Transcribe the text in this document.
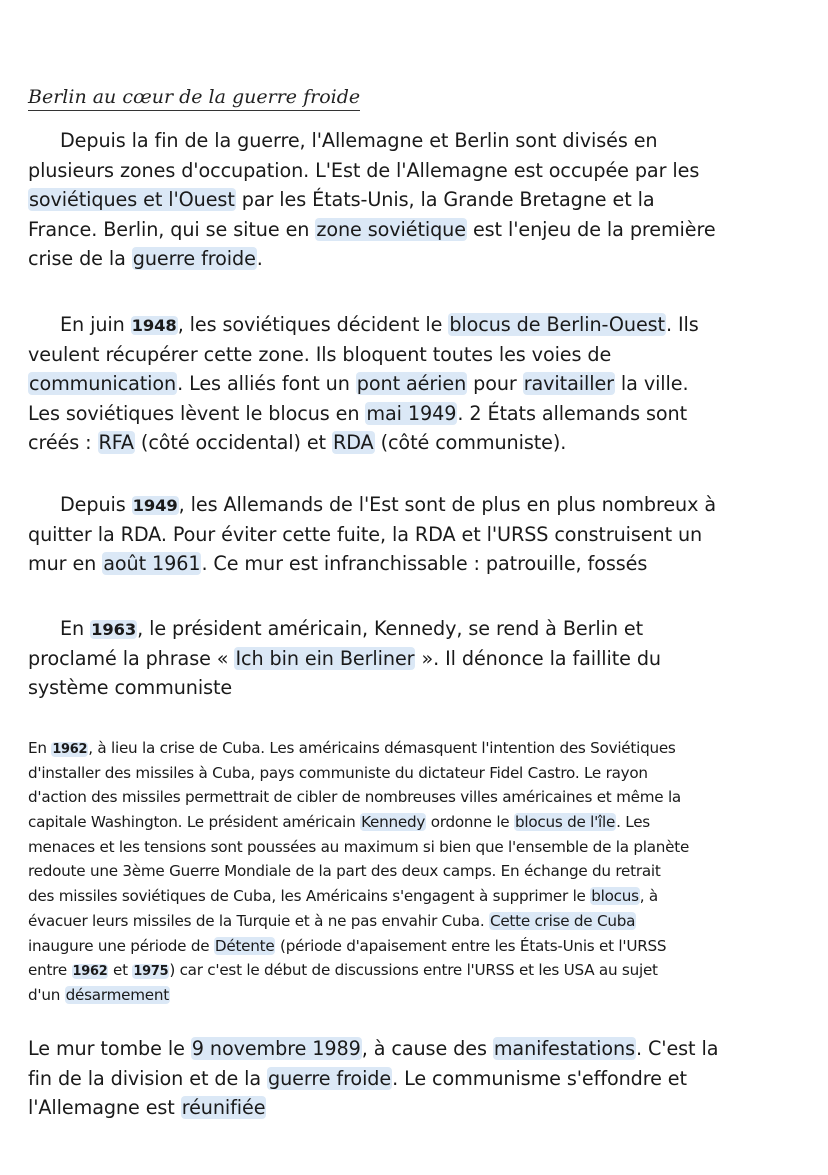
Berlin au cœur de la guerre froide
Depuis la fin de la guerre, l'Allemagne et Berlin sont divisés en
plusieurs zones d'occupation. L'Est de l'Allemagne est occupée par les
soviétiques et l'Ouest par les États-Unis, la Grande Bretagne et la
France. Berlin, qui se situe en zone soviétique est l'enjeu de la première
crise de la guerre froide.
En juin 1948, les soviétiques décident le blocus de Berlin-Ouest. Ils
veulent récupérer cette zone. Ils bloquent toutes les voies de
communication. Les alliés font un pont aérien pour ravitailler la ville.
Les soviétiques lèvent le blocus en mai 1949. 2 États allemands sont
créés : RFA (côté occidental) et RDA (côté communiste).
Depuis 1949, les Allemands de l'Est sont de plus en plus nombreux à
quitter la RDA. Pour éviter cette fuite, la RDA et l'URSS construisent un
mur en août 1961. Ce mur est infranchissable : patrouille, fossés
En 1963, le président américain, Kennedy, se rend à Berlin et
proclamé la phrase « Ich bin ein Berliner ». Il dénonce la faillite du
système communiste
En 1962, à lieu la crise de Cuba. Les américains démasquent l'intention des Soviétiques
d'installer des missiles à Cuba, pays communiste du dictateur Fidel Castro. Le rayon
d'action des missiles permettrait de cibler de nombreuses villes américaines et même la
capitale Washington. Le président américain Kennedy ordonne le blocus de l'île. Les
menaces et les tensions sont poussées au maximum si bien que l'ensemble de la planète
redoute une 3ème Guerre Mondiale de la part des deux camps. En échange du retrait
des missiles soviétiques de Cuba, les Américains s'engagent à supprimer le blocus, à
évacuer leurs missiles de la Turquie et à ne pas envahir Cuba. Cette crise de Cuba
inaugure une période de Détente (période d'apaisement entre les États-Unis et l'URSS
entre 1962 et 1975) car c'est le début de discussions entre l'URSS et les USA au sujet
d'un désarmement
Le mur tombe le 9 novembre 1989, à cause des manifestations. C'est la
fin de la division et de la guerre froide. Le communisme s'effondre et
l'Allemagne est réunifiée
